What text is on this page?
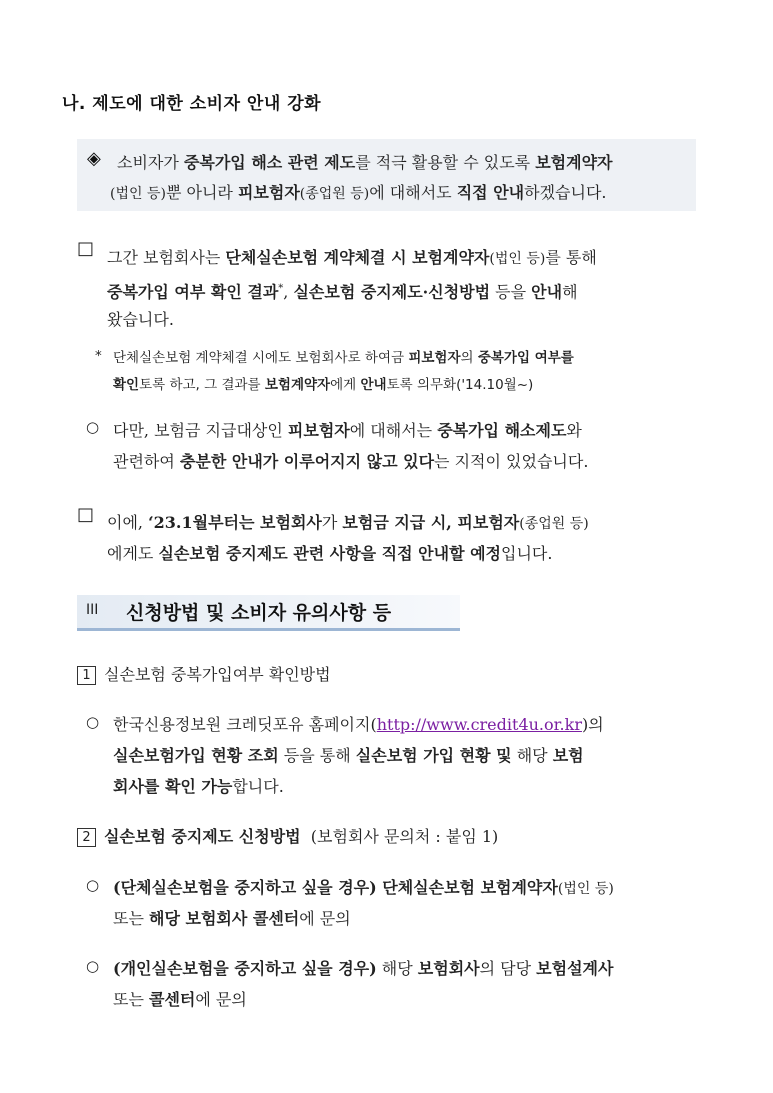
나. 제도에 대한 소비자 안내 강화
◈ 소비자가 중복가입 해소 관련 제도를 적극 활용할 수 있도록 보험계약자
(법인 등)뿐 아니라 피보험자(종업원 등)에 대해서도 직접 안내하겠습니다.
□ 그간 보험회사는 단체실손보험 계약체결 시 보험계약자(법인 등)를 통해
중복가입 여부 확인 결과*, 실손보험 중지제도·신청방법 등을 안내해
왔습니다.
* 단체실손보험 계약체결 시에도 보험회사로 하여금 피보험자의 중복가입 여부를
확인토록 하고, 그 결과를 보험계약자에게 안내토록 의무화('14.10월~)
○ 다만, 보험금 지급대상인 피보험자에 대해서는 중복가입 해소제도와
관련하여 충분한 안내가 이루어지지 않고 있다는 지적이 있었습니다.
□ 이에, ‘23.1월부터는 보험회사가 보험금 지급 시, 피보험자(종업원 등)
에게도 실손보험 중지제도 관련 사항을 직접 안내할 예정입니다.
III 신청방법 및 소비자 유의사항 등
1 실손보험 중복가입여부 확인방법
○ 한국신용정보원 크레딧포유 홈페이지(http://www.credit4u.or.kr)의
실손보험가입 현황 조회 등을 통해 실손보험 가입 현황 및 해당 보험
회사를 확인 가능합니다.
2 실손보험 중지제도 신청방법 (보험회사 문의처 : 붙임 1)
○ (단체실손보험을 중지하고 싶을 경우) 단체실손보험 보험계약자(법인 등)
또는 해당 보험회사 콜센터에 문의
○ (개인실손보험을 중지하고 싶을 경우) 해당 보험회사의 담당 보험설계사
또는 콜센터에 문의
